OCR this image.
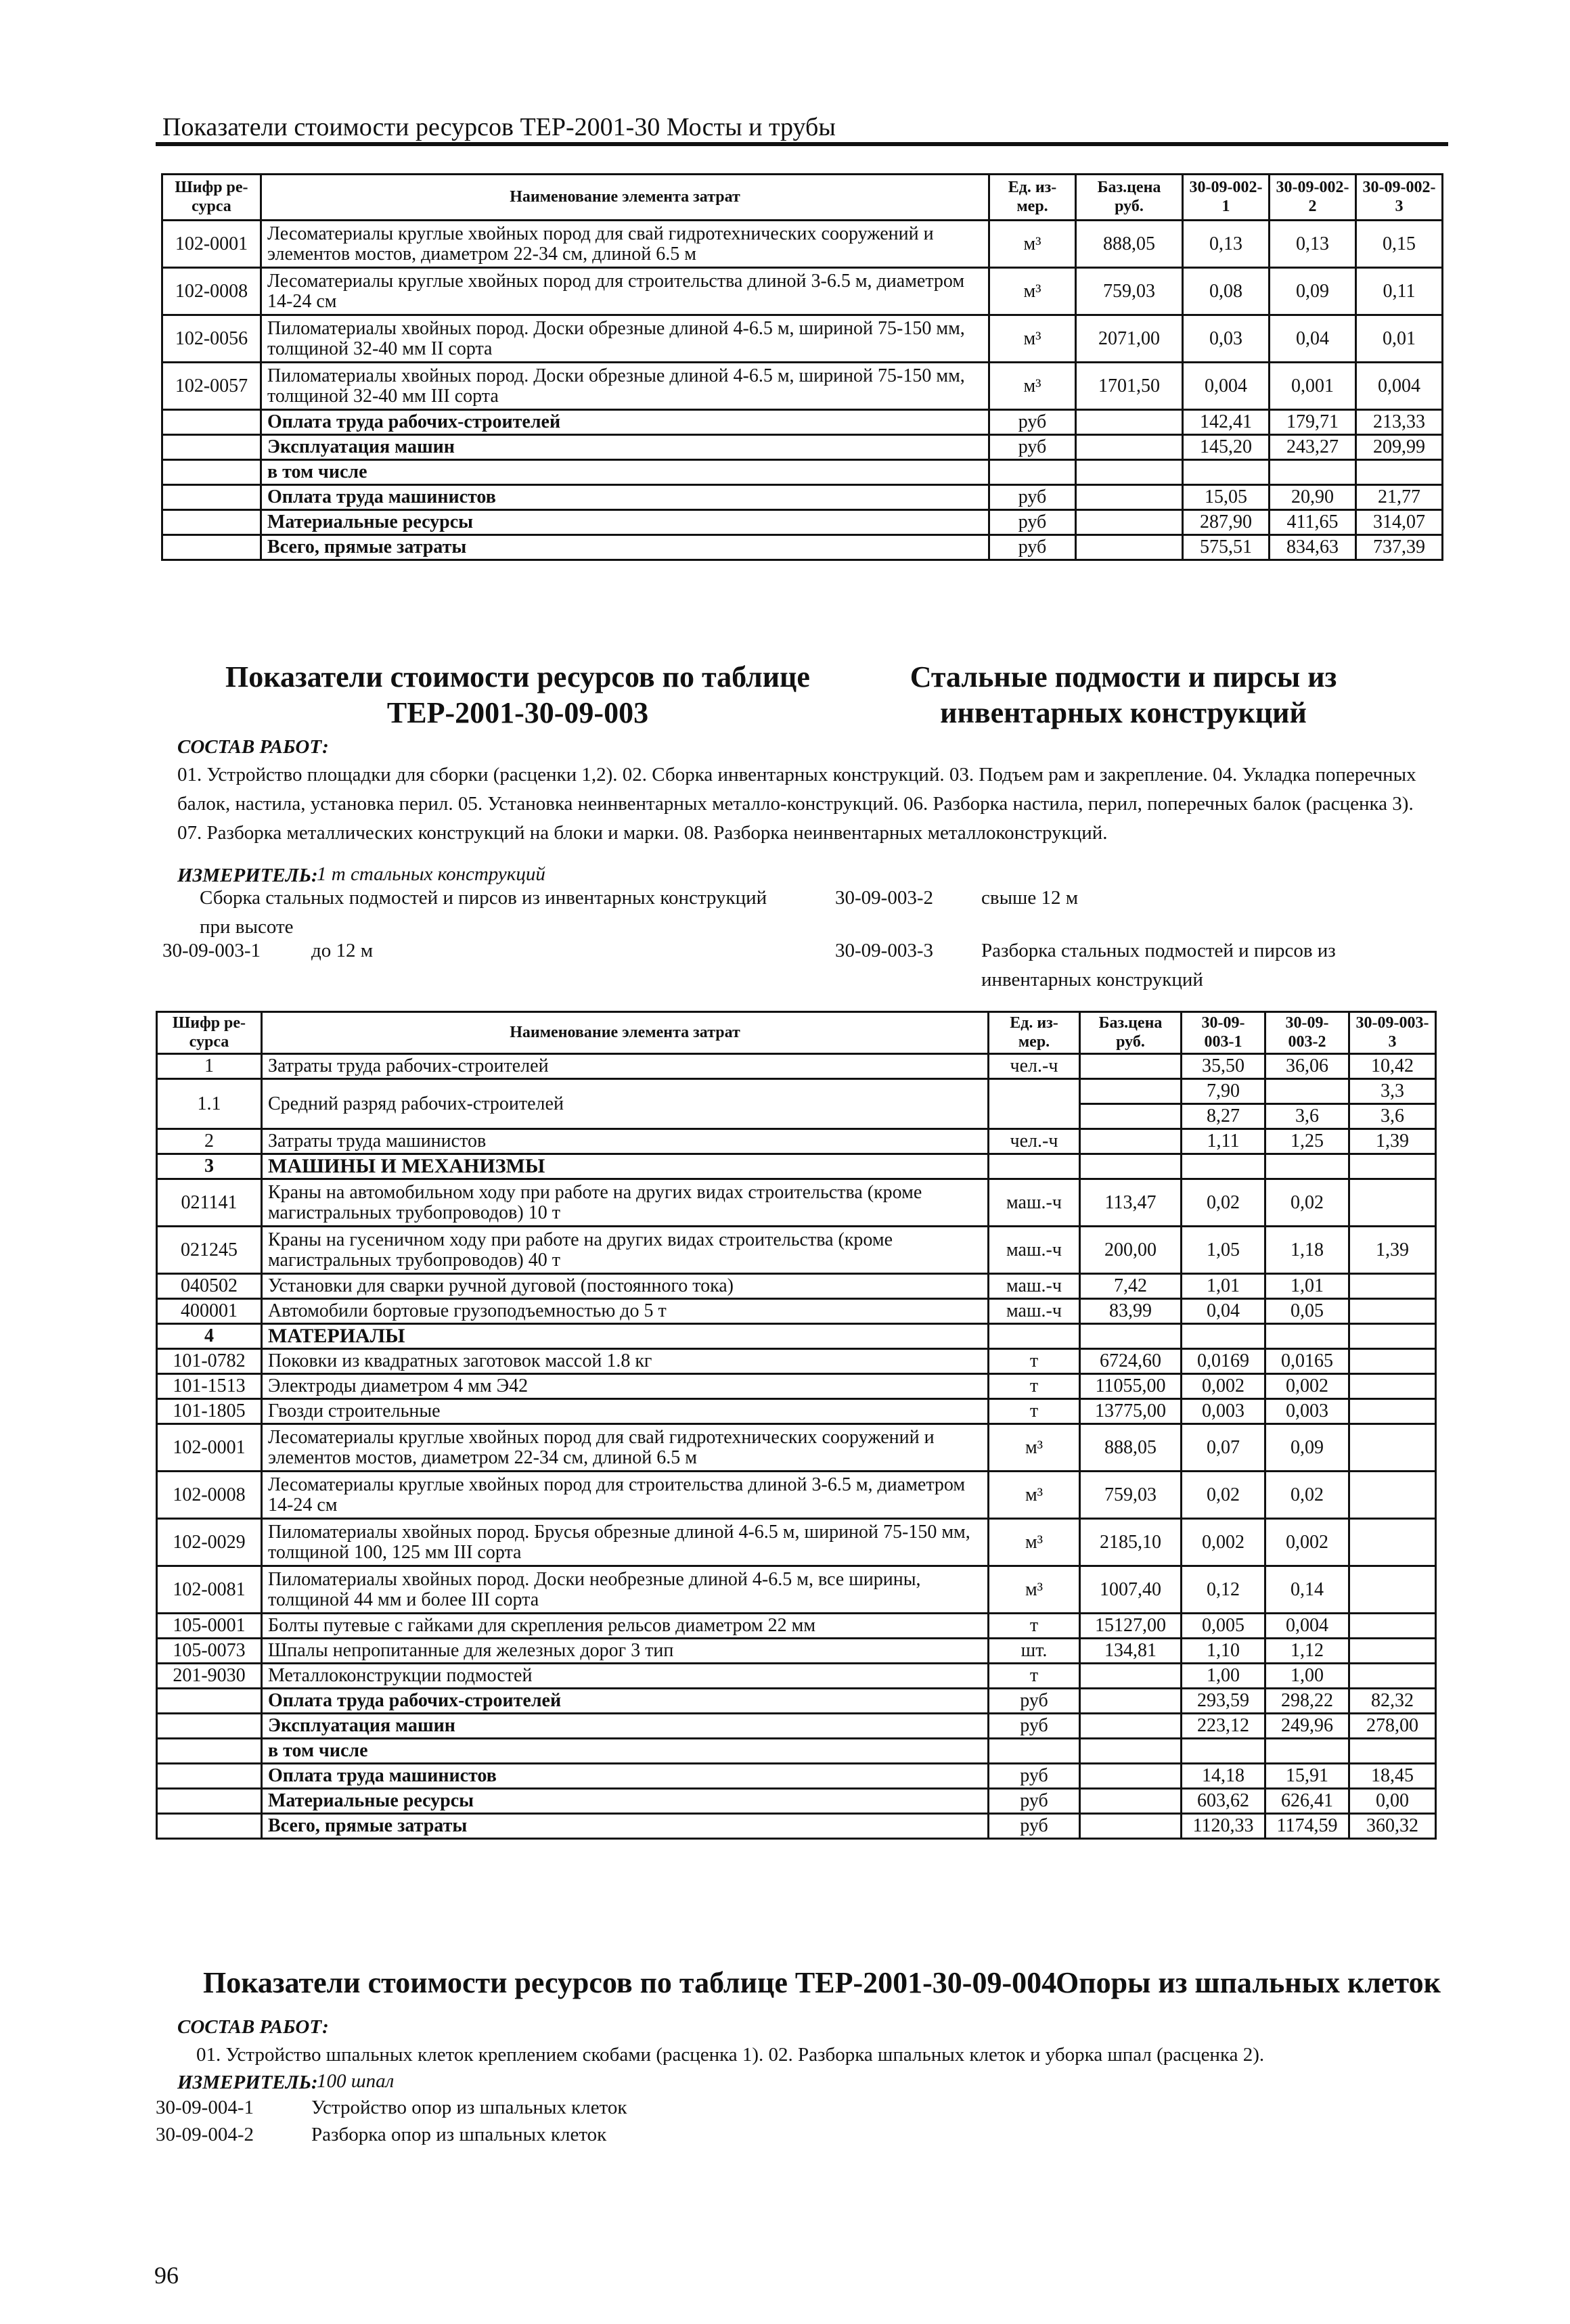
Показатели стоимости ресурсов ТЕР-2001-30 Мосты и трубы
Шифр ре-сурса	Наименование элемента затрат	Ед. из-мер.	Баз.цена руб.	30-09-002-1	30-09-002-2	30-09-002-3
102-0001	Лесоматериалы круглые хвойных пород для свай гидротехнических сооружений и элементов мостов, диаметром 22-34 см, длиной 6.5 м	м³	888,05	0,13	0,13	0,15
102-0008	Лесоматериалы круглые хвойных пород для строительства длиной 3-6.5 м, диаметром 14-24 см	м³	759,03	0,08	0,09	0,11
102-0056	Пиломатериалы хвойных пород. Доски обрезные длиной 4-6.5 м, шириной 75-150 мм, толщиной 32-40 мм II сорта	м³	2071,00	0,03	0,04	0,01
102-0057	Пиломатериалы хвойных пород. Доски обрезные длиной 4-6.5 м, шириной 75-150 мм, толщиной 32-40 мм III сорта	м³	1701,50	0,004	0,001	0,004
	Оплата труда рабочих-строителей	руб		142,41	179,71	213,33
	Эксплуатация машин	руб		145,20	243,27	209,99
	в том числе					
	Оплата труда машинистов	руб		15,05	20,90	21,77
	Материальные ресурсы	руб		287,90	411,65	314,07
	Всего, прямые затраты	руб		575,51	834,63	737,39
Показатели стоимости ресурсов по таблице ТЕР-2001-30-09-003
Стальные подмости и пирсы из инвентарных конструкций
СОСТАВ РАБОТ:
01. Устройство площадки для сборки (расценки 1,2). 02. Сборка инвентарных конструкций. 03. Подъем рам и закрепление. 04. Укладка поперечных балок, настила, установка перил. 05. Установка неинвентарных металло-конструкций. 06. Разборка настила, перил, поперечных балок (расценка 3). 07. Разборка металлических конструкций на блоки и марки. 08. Разборка неинвентарных металлоконструкций.
ИЗМЕРИТЕЛЬ:
1 т стальных конструкций
Сборка стальных подмостей и пирсов из инвентарных конструкций при высоте
30-09-003-1	до 12 м
30-09-003-2 свыше 12 м
30-09-003-3 Разборка стальных подмостей и пирсов из инвентарных конструкций
Шифр ре-сурса	Наименование элемента затрат	Ед. из-мер.	Баз.цена руб.	30-09-003-1	30-09-003-2	30-09-003-3
1	Затраты труда рабочих-строителей	чел.-ч		35,50	36,06	10,42
1.1	Средний разряд рабочих-строителей			7,90		3,3
				8,27	3,6	3,6
2	Затраты труда машинистов	чел.-ч		1,11	1,25	1,39
3	МАШИНЫ И МЕХАНИЗМЫ					
021141	Краны на автомобильном ходу при работе на других видах строительства (кроме магистральных трубопроводов) 10 т	маш.-ч	113,47	0,02	0,02	
021245	Краны на гусеничном ходу при работе на других видах строительства (кроме магистральных трубопроводов) 40 т	маш.-ч	200,00	1,05	1,18	1,39
040502	Установки для сварки ручной дуговой (постоянного тока)	маш.-ч	7,42	1,01	1,01	
400001	Автомобили бортовые грузоподъемностью до 5 т	маш.-ч	83,99	0,04	0,05	
4	МАТЕРИАЛЫ					
101-0782	Поковки из квадратных заготовок массой 1.8 кг	т	6724,60	0,0169	0,0165	
101-1513	Электроды диаметром 4 мм Э42	т	11055,00	0,002	0,002	
101-1805	Гвозди строительные	т	13775,00	0,003	0,003	
102-0001	Лесоматериалы круглые хвойных пород для свай гидротехнических сооружений и элементов мостов, диаметром 22-34 см, длиной 6.5 м	м³	888,05	0,07	0,09	
102-0008	Лесоматериалы круглые хвойных пород для строительства длиной 3-6.5 м, диаметром 14-24 см	м³	759,03	0,02	0,02	
102-0029	Пиломатериалы хвойных пород. Брусья обрезные длиной 4-6.5 м, шириной 75-150 мм, толщиной 100, 125 мм III сорта	м³	2185,10	0,002	0,002	
102-0081	Пиломатериалы хвойных пород. Доски необрезные длиной 4-6.5 м, все ширины, толщиной 44 мм и более III сорта	м³	1007,40	0,12	0,14	
105-0001	Болты путевые с гайками для скрепления рельсов диаметром 22 мм	т	15127,00	0,005	0,004	
105-0073	Шпалы непропитанные для железных дорог 3 тип	шт.	134,81	1,10	1,12	
201-9030	Металлоконструкции подмостей	т		1,00	1,00	
	Оплата труда рабочих-строителей	руб		293,59	298,22	82,32
	Эксплуатация машин	руб		223,12	249,96	278,00
	в том числе					
	Оплата труда машинистов	руб		14,18	15,91	18,45
	Материальные ресурсы	руб		603,62	626,41	0,00
	Всего, прямые затраты	руб		1120,33	1174,59	360,32
Показатели стоимости ресурсов по таблице ТЕР-2001-30-09-004
Опоры из шпальных клеток
СОСТАВ РАБОТ:
01. Устройство шпальных клеток креплением скобами (расценка 1). 02. Разборка шпальных клеток и уборка шпал (расценка 2).
ИЗМЕРИТЕЛЬ:
100 шпал
30-09-004-1	Устройство опор из шпальных клеток
30-09-004-2	Разборка опор из шпальных клеток
96
